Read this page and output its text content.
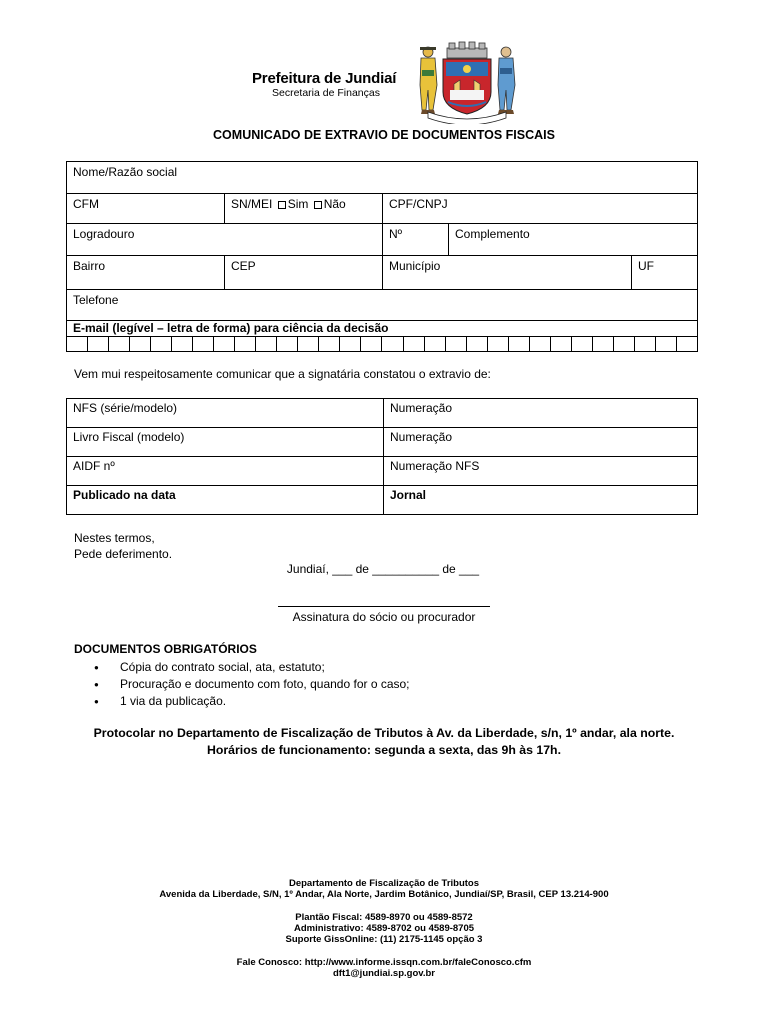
Prefeitura de Jundiaí
Secretaria de Finanças
COMUNICADO DE EXTRAVIO DE DOCUMENTOS FISCAIS
Nome/Razão social
CFM	SN/MEI Sim Não	CPF/CNPJ
Logradouro	Nº	Complemento
Bairro	CEP	Município	UF
Telefone
E-mail (legível – letra de forma) para ciência da decisão
Vem mui respeitosamente comunicar que a signatária constatou o extravio de:
NFS (série/modelo)	Numeração
Livro Fiscal (modelo)	Numeração
AIDF nº	Numeração NFS
Publicado na data	Jornal
Nestes termos,
Pede deferimento.
Jundiaí, ___ de __________ de ___
Assinatura do sócio ou procurador
DOCUMENTOS OBRIGATÓRIOS
● Cópia do contrato social, ata, estatuto;
● Procuração e documento com foto, quando for o caso;
● 1 via da publicação.
Protocolar no Departamento de Fiscalização de Tributos à Av. da Liberdade, s/n, 1º andar, ala norte.
Horários de funcionamento: segunda a sexta, das 9h às 17h.
Departamento de Fiscalização de Tributos
Avenida da Liberdade, S/N, 1º Andar, Ala Norte, Jardim Botânico, Jundiaí/SP, Brasil, CEP 13.214-900
Plantão Fiscal: 4589-8970 ou 4589-8572
Administrativo: 4589-8702 ou 4589-8705
Suporte GissOnline: (11) 2175-1145 opção 3
Fale Conosco: http://www.informe.issqn.com.br/faleConosco.cfm
dft1@jundiai.sp.gov.br
